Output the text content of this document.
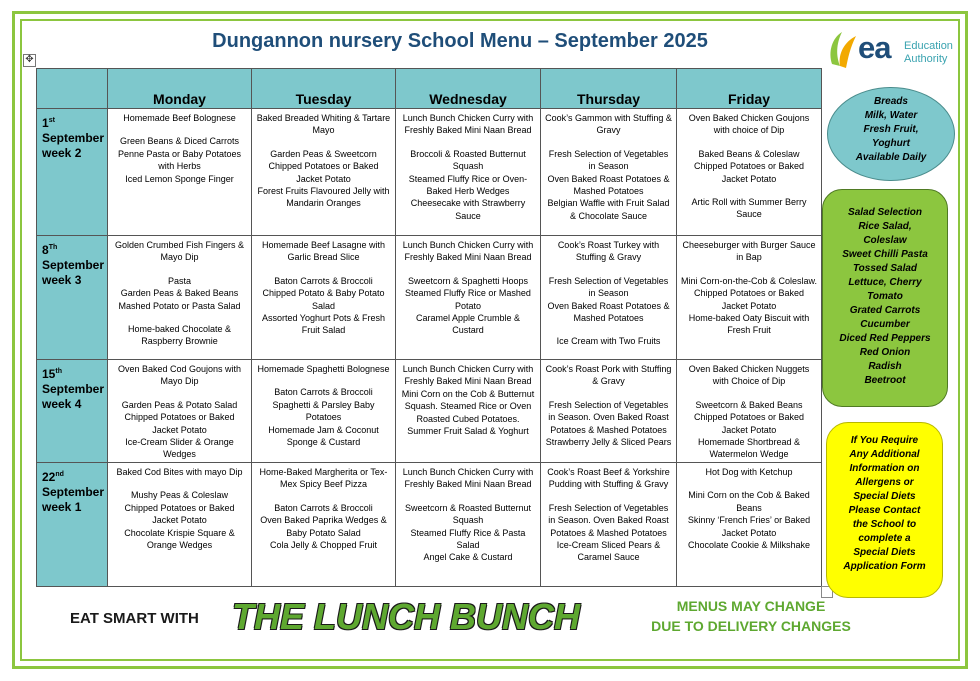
✥
Dungannon nursery School Menu – September 2025	ea Education
Authority
	Monday	Tuesday	Wednesday	Thursday	Friday
1st
September
week 2	Homemade Beef Bolognese
Green Beans & Diced Carrots
Penne Pasta or Baby Potatoes with Herbs
Iced Lemon Sponge Finger	Baked Breaded Whiting & Tartare Mayo
Garden Peas & Sweetcorn
Chipped Potatoes or Baked Jacket Potato
Forest Fruits Flavoured Jelly with Mandarin Oranges	Lunch Bunch Chicken Curry with Freshly Baked Mini Naan Bread
Broccoli & Roasted Butternut Squash
Steamed Fluffy Rice or Oven-Baked Herb Wedges
Cheesecake with Strawberry Sauce	Cook’s Gammon with Stuffing & Gravy
Fresh Selection of Vegetables in Season
Oven Baked Roast Potatoes & Mashed Potatoes
Belgian Waffle with Fruit Salad & Chocolate Sauce	Oven Baked Chicken Goujons with choice of Dip
Baked Beans & Coleslaw
Chipped Potatoes or Baked Jacket Potato
Artic Roll with Summer Berry Sauce

8Th
September
week 3	Golden Crumbed Fish Fingers & Mayo Dip
Pasta
Garden Peas & Baked Beans
Mashed Potato or Pasta Salad
Home-baked Chocolate & Raspberry Brownie	Homemade Beef Lasagne with Garlic Bread Slice
Baton Carrots & Broccoli
Chipped Potato & Baby Potato Salad
Assorted Yoghurt Pots & Fresh Fruit Salad	Lunch Bunch Chicken Curry with Freshly Baked Mini Naan Bread
Sweetcorn & Spaghetti Hoops
Steamed Fluffy Rice or Mashed Potato
Caramel Apple Crumble & Custard	Cook’s Roast Turkey with Stuffing & Gravy
Fresh Selection of Vegetables in Season
Oven Baked Roast Potatoes & Mashed Potatoes
Ice Cream with Two Fruits	Cheeseburger with Burger Sauce in Bap
Mini Corn-on-the-Cob & Coleslaw.
Chipped Potatoes or Baked Jacket Potato
Home-baked Oaty Biscuit with Fresh Fruit

15th
September
week 4	Oven Baked Cod Goujons with Mayo Dip
Garden Peas & Potato Salad
Chipped Potatoes or Baked Jacket Potato
Ice-Cream Slider & Orange Wedges	Homemade Spaghetti Bolognese
Baton Carrots & Broccoli
Spaghetti & Parsley Baby Potatoes
Homemade Jam & Coconut Sponge & Custard	Lunch Bunch Chicken Curry with Freshly Baked Mini Naan Bread
Mini Corn on the Cob & Butternut Squash. Steamed Rice or Oven Roasted Cubed Potatoes.
Summer Fruit Salad & Yoghurt	Cook’s Roast Pork with Stuffing & Gravy
Fresh Selection of Vegetables in Season. Oven Baked Roast Potatoes & Mashed Potatoes
Strawberry Jelly & Sliced Pears	Oven Baked Chicken Nuggets with Choice of Dip
Sweetcorn & Baked Beans
Chipped Potatoes or Baked Jacket Potato
Homemade Shortbread & Watermelon Wedge

22nd
September
week 1	Baked Cod Bites with mayo Dip
Mushy Peas & Coleslaw
Chipped Potatoes or Baked Jacket Potato
Chocolate Krispie Square & Orange Wedges	Home-Baked Margherita or Tex-Mex Spicy Beef Pizza
Baton Carrots & Broccoli
Oven Baked Paprika Wedges & Baby Potato Salad
Cola Jelly & Chopped Fruit	Lunch Bunch Chicken Curry with Freshly Baked Mini Naan Bread
Sweetcorn & Roasted Butternut Squash
Steamed Fluffy Rice & Pasta Salad
Angel Cake & Custard	Cook’s Roast Beef & Yorkshire Pudding with Stuffing & Gravy
Fresh Selection of Vegetables in Season. Oven Baked Roast Potatoes & Mashed Potatoes
Ice-Cream Sliced Pears & Caramel Sauce	Hot Dog with Ketchup
Mini Corn on the Cob & Baked Beans
Skinny ‘French Fries’ or Baked Jacket Potato
Chocolate Cookie & Milkshake
Breads
Milk, Water
Fresh Fruit,
Yoghurt
Available Daily
Salad Selection
Rice Salad,
Coleslaw
Sweet Chilli Pasta
Tossed Salad
Lettuce, Cherry
Tomato
Grated Carrots
Cucumber
Diced Red Peppers
Red Onion
Radish
Beetroot
If You Require
Any Additional
Information on
Allergens or
Special Diets
Please Contact
the School to
complete a
Special Diets
Application Form
EAT SMART WITH THE LUNCH BUNCH	MENUS MAY CHANGE
DUE TO DELIVERY CHANGES
